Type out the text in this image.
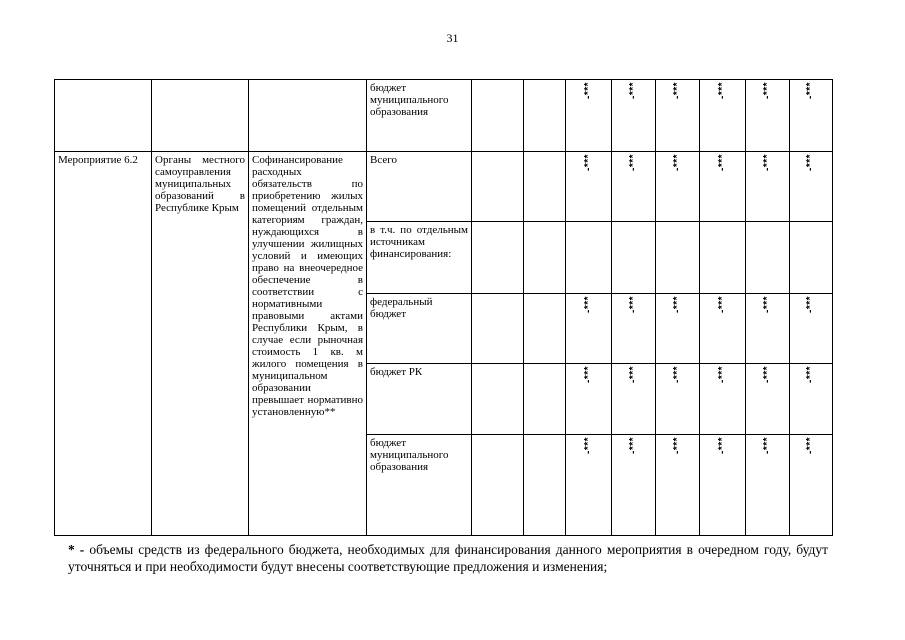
31
			бюджет муниципального образования			-***	-***	-***	-***	-***	-***
Мероприятие 6.2	Органы местного самоуправления муниципальных образований в Республике Крым	Софинансирование расходных обязательств по приобретению жилых помещений отдельным категориям граждан, нуждающихся в улучшении жилищных условий и имеющих право на внеочередное обеспечение в соответствии с нормативными правовыми актами Республики Крым, в случае если рыночная стоимость 1 кв. м жилого помещения в муниципальном образовании превышает нормативно установленную**	Всего			-***	-***	-***	-***	-***	-***
			в т.ч. по отдельным источникам финансирования:								
			федеральный бюджет			-***	-***	-***	-***	-***	-***
			бюджет РК			-***	-***	-***	-***	-***	-***
			бюджет муниципального образования			-***	-***	-***	-***	-***	-***
* - объемы средств из федерального бюджета, необходимых для финансирования данного мероприятия в очередном году, будут уточняться и при необходимости будут внесены соответствующие предложения и изменения;
